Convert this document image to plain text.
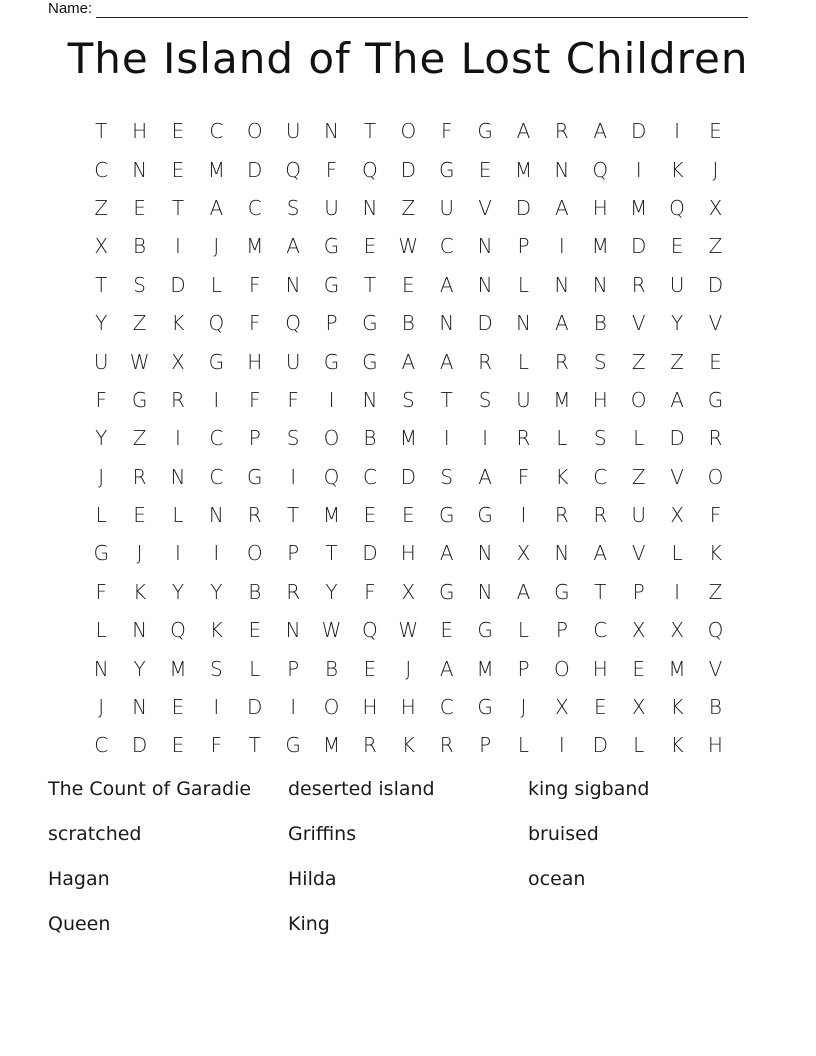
Name:
The Island of The Lost Children
T	H	E	C	O	U	N	T	O	F	G	A	R	A	D	I	E
C	N	E	M	D	Q	F	Q	D	G	E	M	N	Q	I	K	J
Z	E	T	A	C	S	U	N	Z	U	V	D	A	H	M	Q	X
X	B	I	J	M	A	G	E	W	C	N	P	I	M	D	E	Z
T	S	D	L	F	N	G	T	E	A	N	L	N	N	R	U	D
Y	Z	K	Q	F	Q	P	G	B	N	D	N	A	B	V	Y	V
U	W	X	G	H	U	G	G	A	A	R	L	R	S	Z	Z	E
F	G	R	I	F	F	I	N	S	T	S	U	M	H	O	A	G
Y	Z	I	C	P	S	O	B	M	I	I	R	L	S	L	D	R
J	R	N	C	G	I	Q	C	D	S	A	F	K	C	Z	V	O
L	E	L	N	R	T	M	E	E	G	G	I	R	R	U	X	F
G	J	I	I	O	P	T	D	H	A	N	X	N	A	V	L	K
F	K	Y	Y	B	R	Y	F	X	G	N	A	G	T	P	I	Z
L	N	Q	K	E	N	W	Q	W	E	G	L	P	C	X	X	Q
N	Y	M	S	L	P	B	E	J	A	M	P	O	H	E	M	V
J	N	E	I	D	I	O	H	H	C	G	J	X	E	X	K	B
C	D	E	F	T	G	M	R	K	R	P	L	I	D	L	K	H
The Count of Garadie	deserted island	king sigband
scratched	Griffins	bruised
Hagan	Hilda	ocean
Queen	King
